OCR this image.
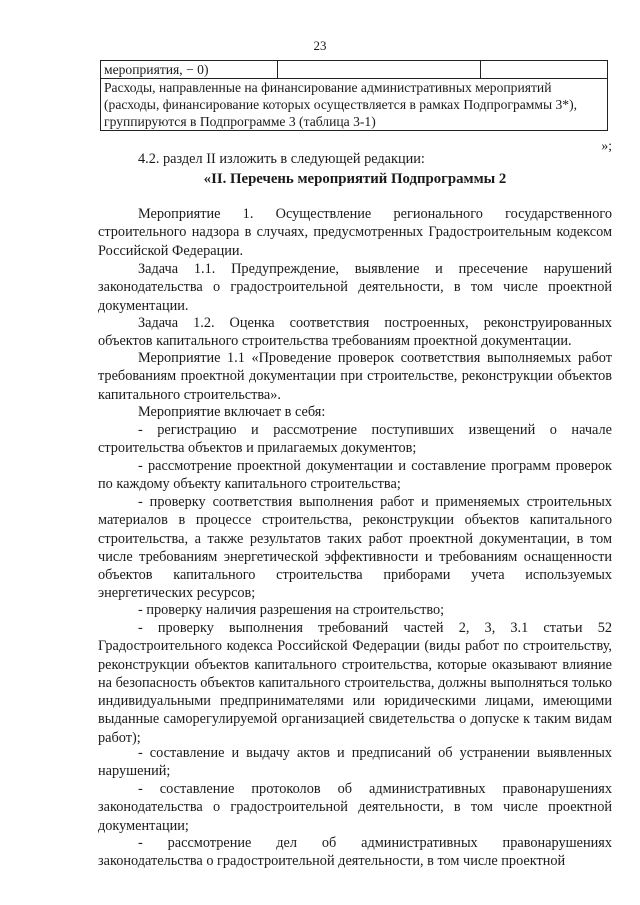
23
мероприятия, − 0)		
Расходы, направленные на финансирование административных мероприятий (расходы, финансирование которых осуществляется в рамках Подпрограммы 3*), группируются в Подпрограмме 3 (таблица 3-1)
»;
4.2. раздел II изложить в следующей редакции:
«II. Перечень мероприятий Подпрограммы 2
Мероприятие 1. Осуществление регионального государственного строительного надзора в случаях, предусмотренных Градостроительным кодексом Российской Федерации.
Задача 1.1. Предупреждение, выявление и пресечение нарушений законодательства о градостроительной деятельности, в том числе проектной документации.
Задача 1.2. Оценка соответствия построенных, реконструированных объектов капитального строительства требованиям проектной документации.
Мероприятие 1.1 «Проведение проверок соответствия выполняемых работ требованиям проектной документации при строительстве, реконструкции объектов капитального строительства».
Мероприятие включает в себя:
- регистрацию и рассмотрение поступивших извещений о начале строительства объектов и прилагаемых документов;
- рассмотрение проектной документации и составление программ проверок по каждому объекту капитального строительства;
- проверку соответствия выполнения работ и применяемых строительных материалов в процессе строительства, реконструкции объектов капитального строительства, а также результатов таких работ проектной документации, в том числе требованиям энергетической эффективности и требованиям оснащенности объектов капитального строительства приборами учета используемых энергетических ресурсов;
- проверку наличия разрешения на строительство;
- проверку выполнения требований частей 2, 3, 3.1 статьи 52 Градостроительного кодекса Российской Федерации (виды работ по строительству, реконструкции объектов капитального строительства, которые оказывают влияние на безопасность объектов капитального строительства, должны выполняться только индивидуальными предпринимателями или юридическими лицами, имеющими выданные саморегулируемой организацией свидетельства о допуске к таким видам работ);
- составление и выдачу актов и предписаний об устранении выявленных нарушений;
- составление протоколов об административных правонарушениях законодательства о градостроительной деятельности, в том числе проектной документации;
- рассмотрение дел об административных правонарушениях законодательства о градостроительной деятельности, в том числе проектной
